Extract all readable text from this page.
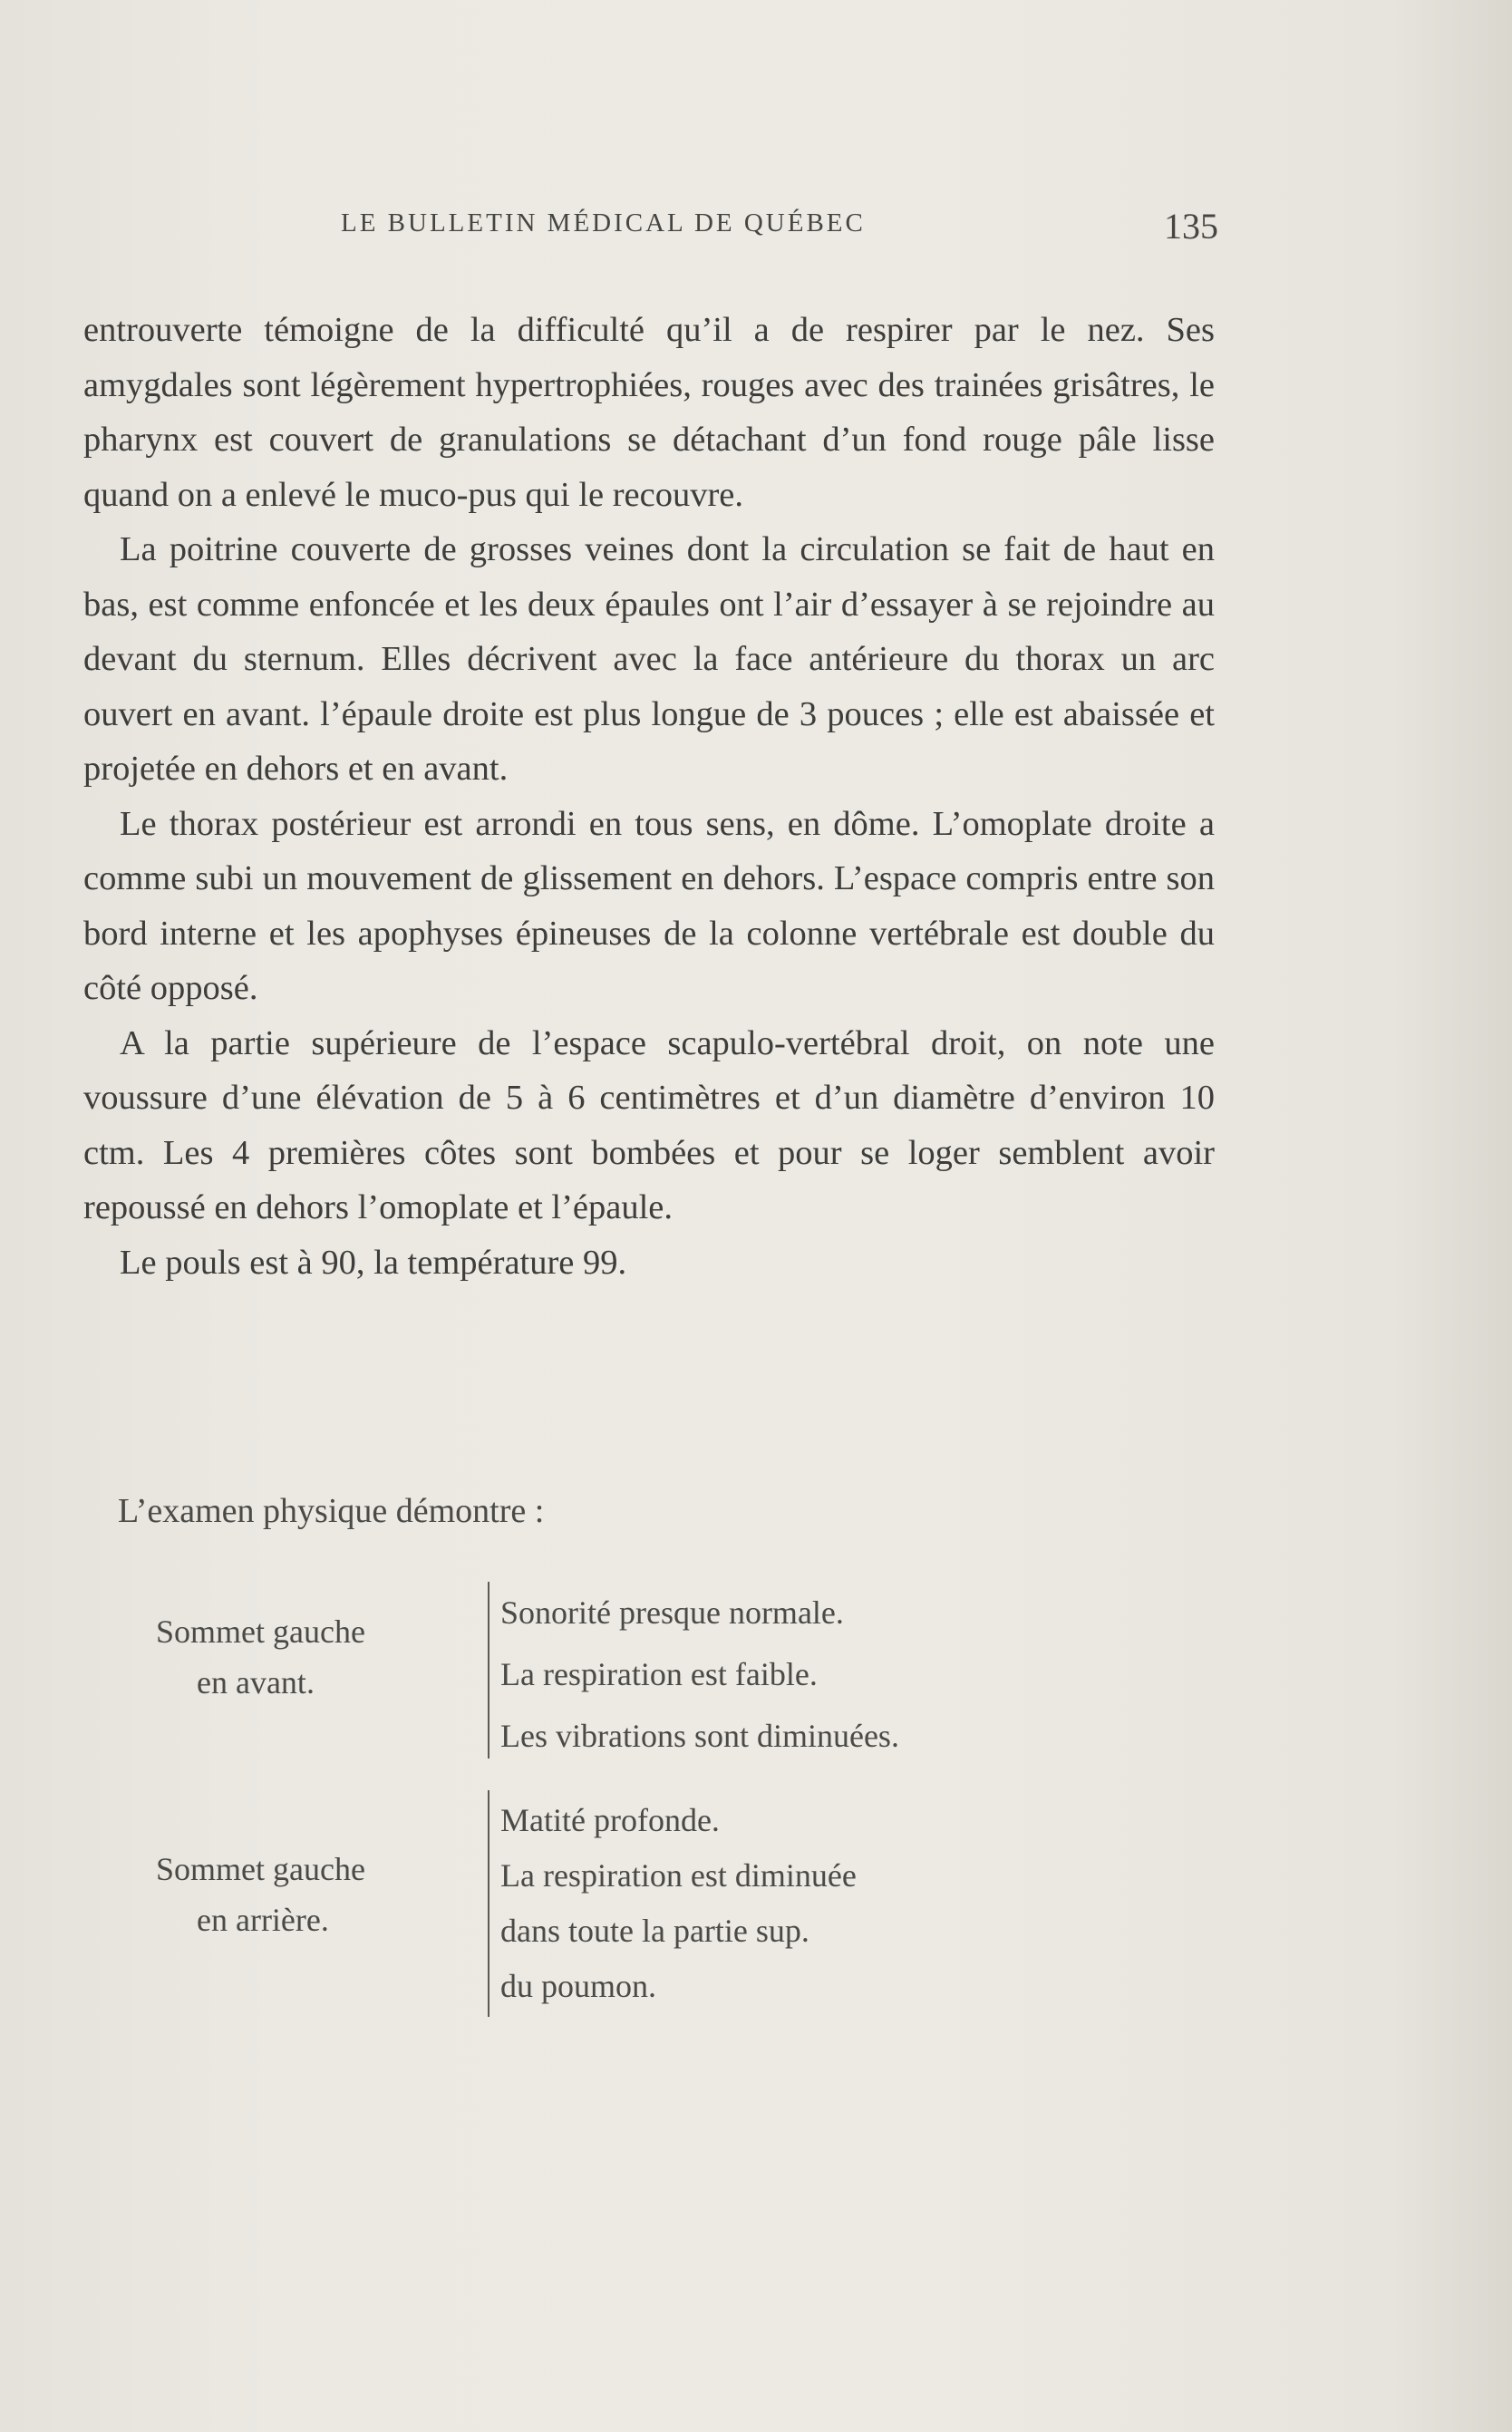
LE BULLETIN MÉDICAL DE QUÉBEC	135

entrouverte témoigne de la difficulté qu’il a de respirer par le nez. Ses amygdales sont légèrement hypertrophiées, rouges avec des trainées grisâtres, le pharynx est couvert de granulations se détachant d’un fond rouge pâle lisse quand on a enlevé le muco-pus qui le recouvre.

La poitrine couverte de grosses veines dont la circulation se fait de haut en bas, est comme enfoncée et les deux épaules ont l’air d’essayer à se rejoindre au devant du sternum. Elles décrivent avec la face antérieure du thorax un arc ouvert en avant. l’épaule droite est plus longue de 3 pouces ; elle est abaissée et projetée en dehors et en avant.

Le thorax postérieur est arrondi en tous sens, en dôme. L’omoplate droite a comme subi un mouvement de glissement en dehors. L’espace compris entre son bord interne et les apophyses épineuses de la colonne vertébrale est double du côté opposé.

A la partie supérieure de l’espace scapulo-vertébral droit, on note une voussure d’une élévation de 5 à 6 centimètres et d’un diamètre d’environ 10 ctm. Les 4 premières côtes sont bombées et pour se loger semblent avoir repoussé en dehors l’omoplate et l’épaule.

Le pouls est à 90, la température 99.

L’examen physique démontre :
Sommet gauche
en avant.
Sonorité presque normale.
La respiration est faible.
Les vibrations sont diminuées.
Sommet gauche
en arrière.
Matité profonde.
La respiration est diminuée
dans toute la partie sup.
du poumon.
